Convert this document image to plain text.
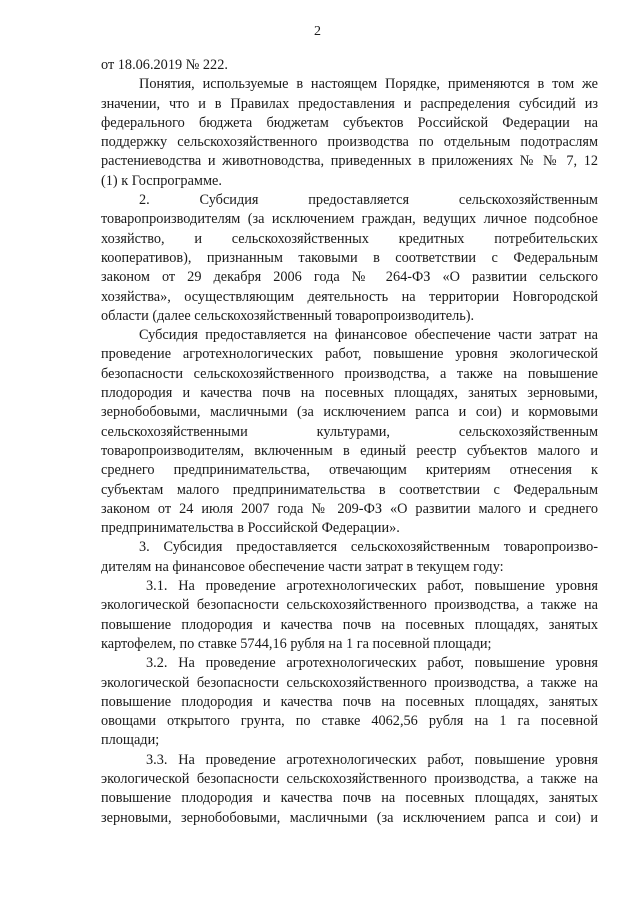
2
от 18.06.2019 № 222.
Понятия, используемые в настоящем Порядке, применяются в том же
значении, что и в Правилах предоставления и распределения субсидий из
федерального бюджета бюджетам субъектов Российской Федерации на
поддержку сельскохозяйственного производства по отдельным подотраслям
растениеводства и животноводства, приведенных в приложениях № № 7, 12
(1) к Госпрограмме.
2. Субсидия предоставляется сельскохозяйственным
товаропроизводителям (за исключением граждан, ведущих личное подсобное
хозяйство, и сельскохозяйственных кредитных потребительских
кооперативов), признанным таковыми в соответствии с Федеральным
законом от 29 декабря 2006 года № 264-ФЗ «О развитии сельского
хозяйства», осуществляющим деятельность на территории Новгородской
области (далее сельскохозяйственный товаропроизводитель).
Субсидия предоставляется на финансовое обеспечение части затрат на
проведение агротехнологических работ, повышение уровня экологической
безопасности сельскохозяйственного производства, а также на повышение
плодородия и качества почв на посевных площадях, занятых зерновыми,
зернобобовыми, масличными (за исключением рапса и сои) и кормовыми
сельскохозяйственными культурами, сельскохозяйственным
товаропроизводителям, включенным в единый реестр субъектов малого и
среднего предпринимательства, отвечающим критериям отнесения к
субъектам малого предпринимательства в соответствии с Федеральным
законом от 24 июля 2007 года № 209-ФЗ «О развитии малого и среднего
предпринимательства в Российской Федерации».
3. Субсидия предоставляется сельскохозяйственным товаропроизво-
дителям на финансовое обеспечение части затрат в текущем году:
3.1. На проведение агротехнологических работ, повышение уровня
экологической безопасности сельскохозяйственного производства, а также на
повышение плодородия и качества почв на посевных площадях, занятых
картофелем, по ставке 5744,16 рубля на 1 га посевной площади;
3.2. На проведение агротехнологических работ, повышение уровня
экологической безопасности сельскохозяйственного производства, а также на
повышение плодородия и качества почв на посевных площадях, занятых
овощами открытого грунта, по ставке 4062,56 рубля на 1 га посевной
площади;
3.3. На проведение агротехнологических работ, повышение уровня
экологической безопасности сельскохозяйственного производства, а также на
повышение плодородия и качества почв на посевных площадях, занятых
зерновыми, зернобобовыми, масличными (за исключением рапса и сои) и
